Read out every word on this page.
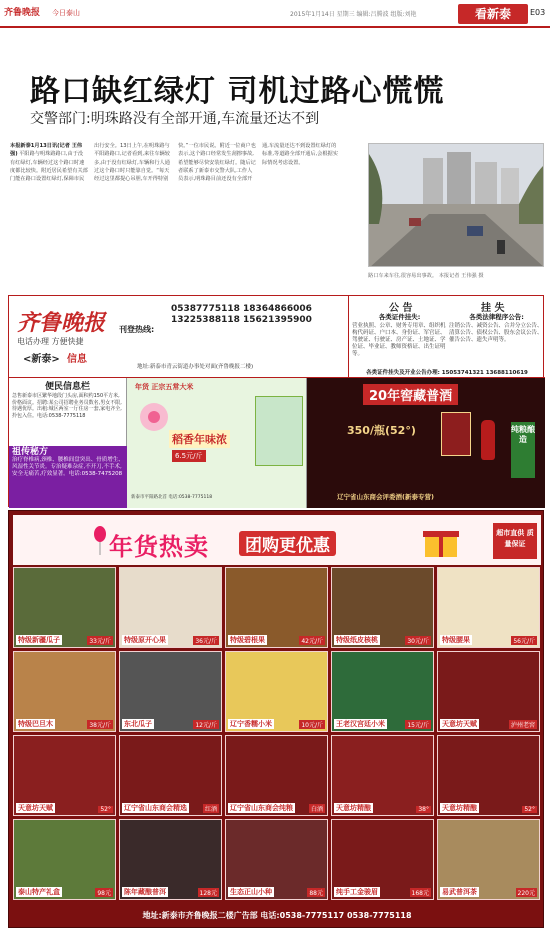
齐鲁晚报 今日泰山	2015年1月14日 星期三 编辑:吕腾波 组版:刘艳	看新泰	E03
路口缺红绿灯 司机过路心慌慌
交警部门:明珠路没有全部开通,车流量还达不到
本报新泰1月13日讯(记者 王伟强) 平阳路与明珠路路口,由于没有红绿灯,车辆经过这个路口时速度都比较快。附近居民希望有关部门能在路口设置红绿灯,保障市民出行安全。13日上午,在明珠路与平阳路路口,记者看到,来往车辆较多,由于没有红绿灯,车辆和行人通过这个路口时只能靠自觉。“每天经过这里都提心吊胆,车开得特别快。”一位市民说。附近一位商户也表示,这个路口经常发生刮擦事故,希望能够尽快安装红绿灯。随后记者联系了新泰市交警大队,工作人员表示,明珠路目前还没有全部开通,车流量还达不到设置红绿灯的标准,等道路全部开通后,会根据实际情况考虑设置。
路口车来车往,很容易出事故。 本报记者 王伟强 摄
齐鲁晚报 刊登热线:
05387775118 18364866006
13225388118 15621395900
电话办理 方便快捷
<新泰> 信息
地址:新泰市青云街道办事处对面(齐鲁晚报二楼)
公 告	挂 失
各类证件挂失:
营业执照、公章、财务专用章、组织机构代码证、户口本、身份证、军官证、驾驶证、行驶证、房产证、土地证、学位证、毕业证、教师资格证、出生证明等。
各类法律程序公告:
注销公告、减资公告、合并分立公告、清算公告、债权公告、股东会议公告、催告公告、遗失声明等。
各类证件挂失及开业公告办理: 15053741321 13688110619
便民信息栏
急售新泰市区繁华地段门头房,面积约150平方米,价格面议。招聘:某公司招聘业务员数名,男女不限,待遇优厚。出租:城区两室一厅住房一套,家电齐全,拎包入住。电话:0538-7775118
祖传秘方
治疗脊椎病,颈椎、腰椎间盘突出、骨质增生、风湿性关节炎。专治疑难杂症,不开刀,不手术,安全无痛苦,疗效显著。电话:0538-7475208
年货 正宗五常大米
稻香年味浓
6.5元/斤
新泰市平阳路北首 电话:0538-7775118
20年窖藏普酒
350/瓶(52°)	纯粮酿造
辽宁省山东商会评委酒(新泰专营)
年货热卖	团购更优惠
超市直供 质量保证
特级新疆瓜子	33元/斤 特级原开心果	36元/斤 特级碧根果	42元/斤 特级纸皮核桃	30元/斤 特级腰果	56元/斤
特级巴旦木	38元/斤 东北瓜子	12元/斤 辽宁香糯小米	10元/斤 王老汉宫廷小米	15元/斤 天意坊天赋	泸州老窖
天意坊天赋	52° 辽宁省山东商会精选	红酒 辽宁省山东商会纯粮	白酒 天意坊精酿	38° 天意坊精酿	52°
泰山特产礼盒	98元 陈年藏酿普洱	128元 生态正山小种	88元 纯手工金骏眉	168元 易武普洱茶	220元
地址:新泰市齐鲁晚报二楼广告部 电话:0538-7775117 0538-7775118
